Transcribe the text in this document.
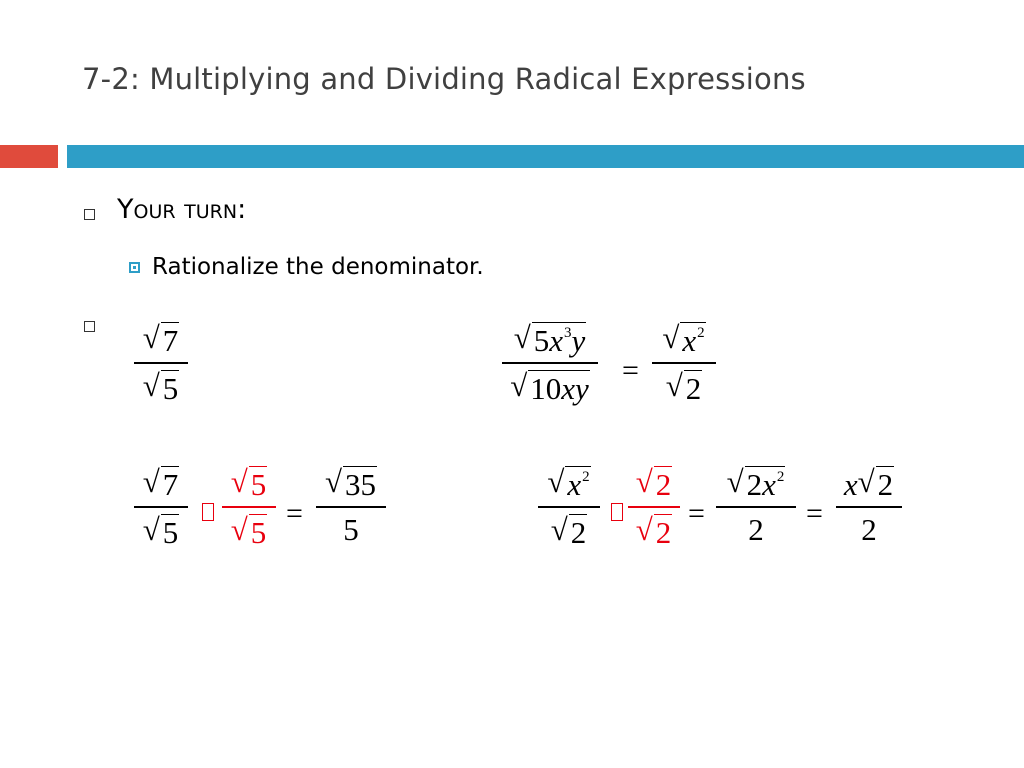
7-2: Multiplying and Dividing Radical Expressions
Your turn:
Rationalize the denominator.
√ 7
√ 5
√ $5x^3y$
√ 10xy =
√ $x^2$
√ 2
√ 7
√ 5
√ 5
√ 5
=
√ 35
5
√ $x^2$
√ 2
√ 2
√ 2
=
√ $2x^2$
2 =
x √ 2
2
